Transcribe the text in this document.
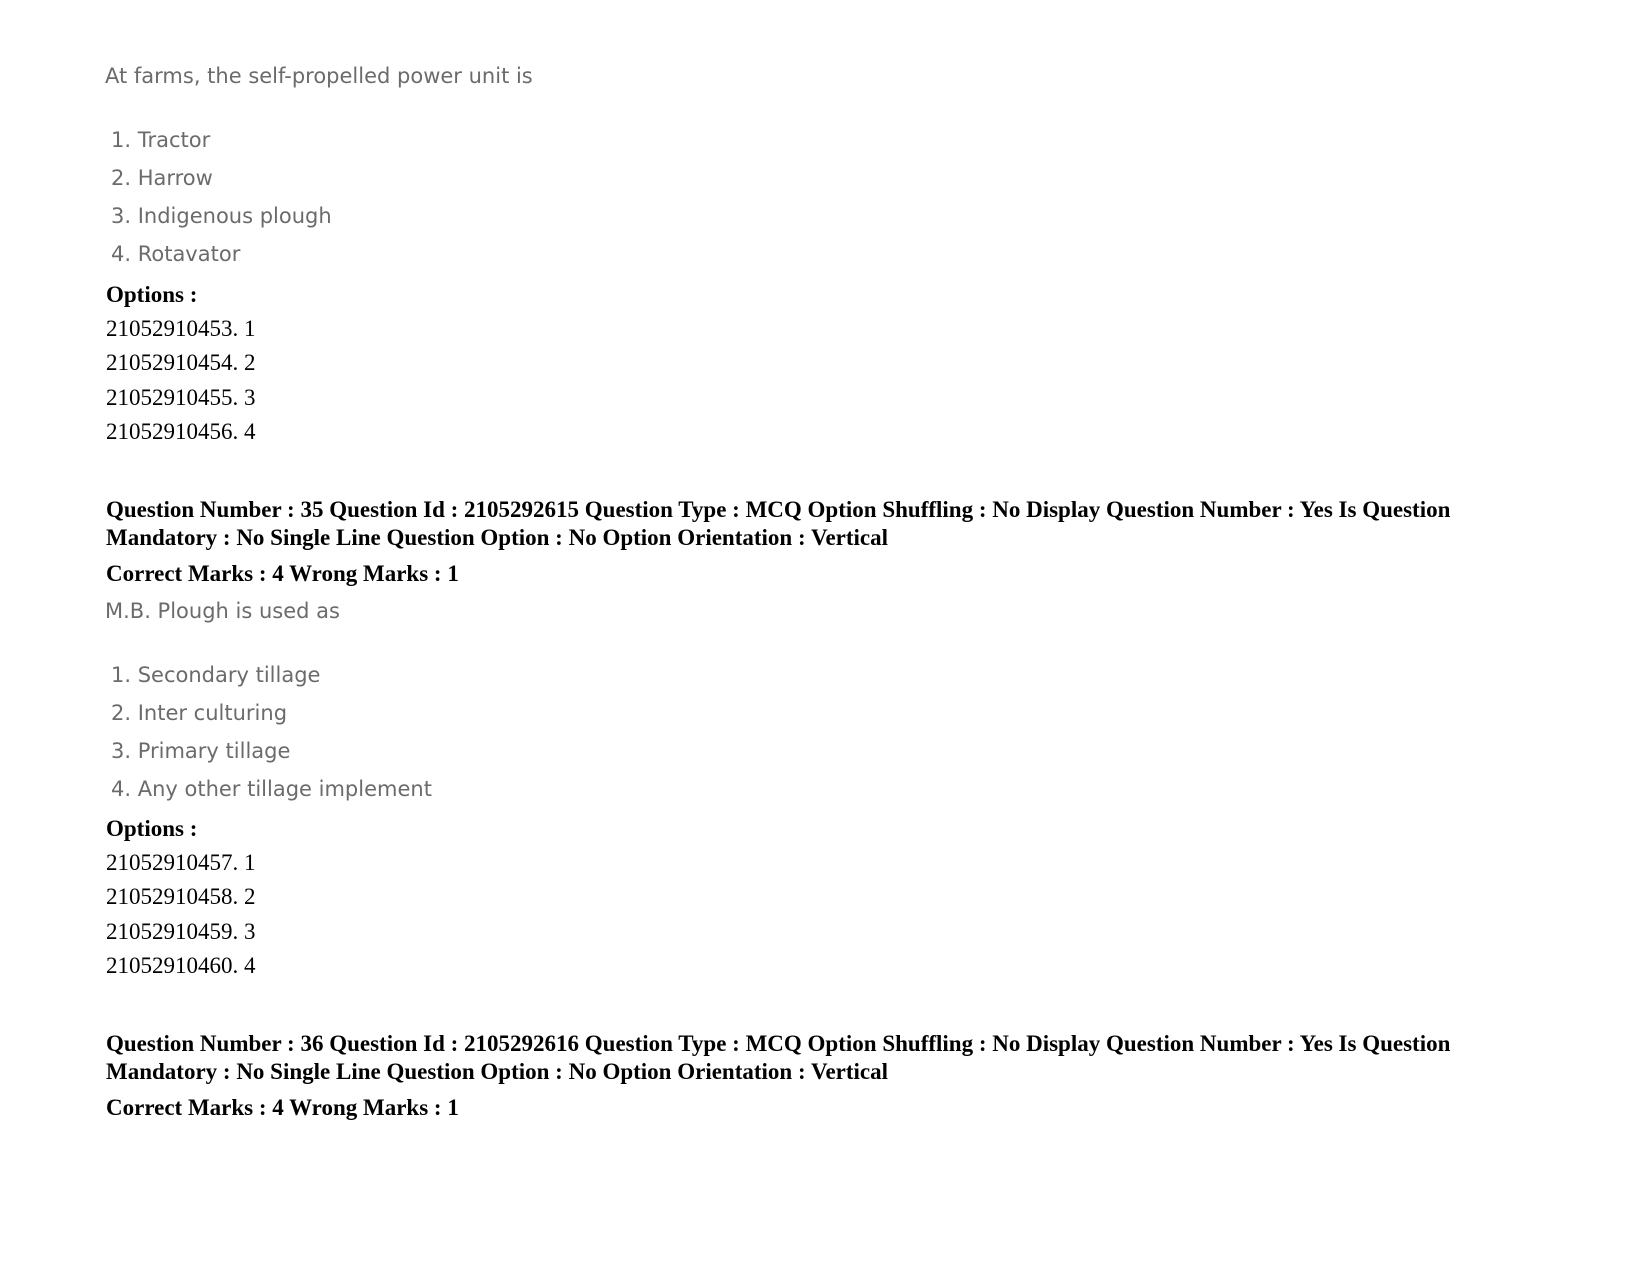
At farms, the self-propelled power unit is
1. Tractor
2. Harrow
3. Indigenous plough
4. Rotavator
Options :
21052910453. 1
21052910454. 2
21052910455. 3
21052910456. 4
Question Number : 35 Question Id : 2105292615 Question Type : MCQ Option Shuffling : No Display Question Number : Yes Is Question Mandatory : No Single Line Question Option : No Option Orientation : Vertical
Correct Marks : 4 Wrong Marks : 1
M.B. Plough is used as
1. Secondary tillage
2. Inter culturing
3. Primary tillage
4. Any other tillage implement
Options :
21052910457. 1
21052910458. 2
21052910459. 3
21052910460. 4
Question Number : 36 Question Id : 2105292616 Question Type : MCQ Option Shuffling : No Display Question Number : Yes Is Question Mandatory : No Single Line Question Option : No Option Orientation : Vertical
Correct Marks : 4 Wrong Marks : 1
